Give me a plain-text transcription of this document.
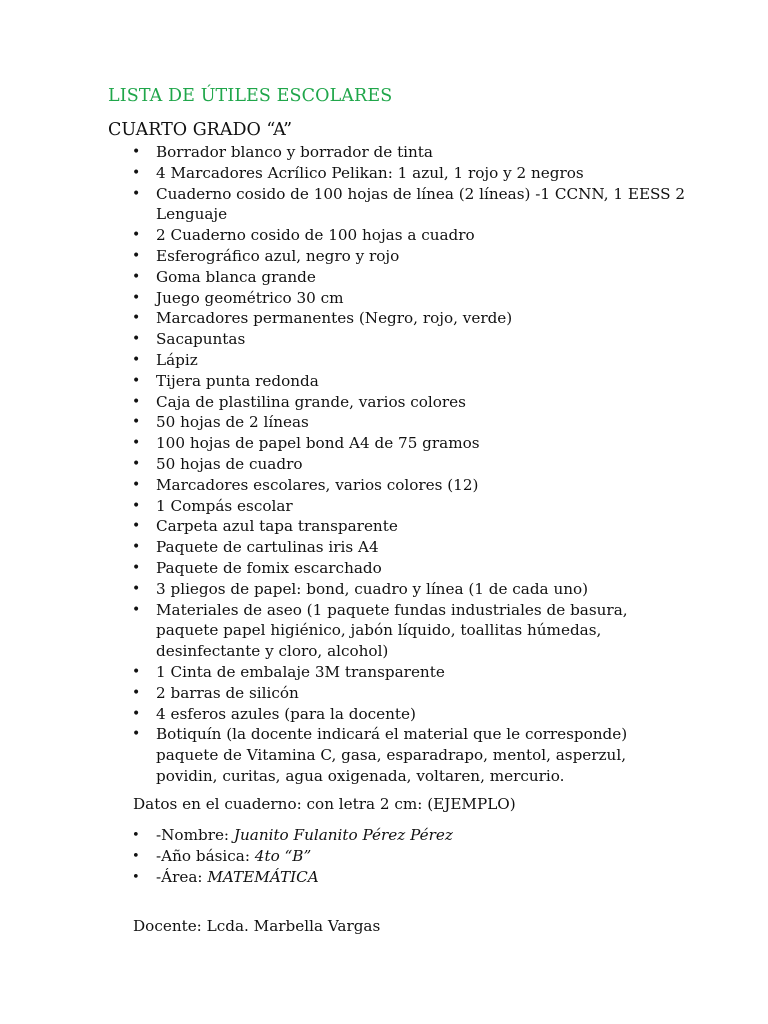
LISTA DE ÚTILES ESCOLARES
CUARTO GRADO “A”
• Borrador blanco y borrador de tinta
• 4 Marcadores Acrílico Pelikan: 1 azul, 1 rojo y 2 negros
• Cuaderno cosido de 100 hojas de línea (2 líneas) -1 CCNN, 1 EESS 2 Lenguaje
• 2 Cuaderno cosido de 100 hojas a cuadro
• Esferográfico azul, negro y rojo
• Goma blanca grande
• Juego geométrico 30 cm
• Marcadores permanentes (Negro, rojo, verde)
• Sacapuntas
• Lápiz
• Tijera punta redonda
• Caja de plastilina grande, varios colores
• 50 hojas de 2 líneas
• 100 hojas de papel bond A4 de 75 gramos
• 50 hojas de cuadro
• Marcadores escolares, varios colores (12)
• 1 Compás escolar
• Carpeta azul tapa transparente
• Paquete de cartulinas iris A4
• Paquete de fomix escarchado
• 3 pliegos de papel: bond, cuadro y línea (1 de cada uno)
• Materiales de aseo (1 paquete fundas industriales de basura, paquete papel higiénico, jabón líquido, toallitas húmedas, desinfectante y cloro, alcohol)
• 1 Cinta de embalaje 3M transparente
• 2 barras de silicón
• 4 esferos azules (para la docente)
• Botiquín (la docente indicará el material que le corresponde) paquete de Vitamina C, gasa, esparadrapo, mentol, asperzul, povidin, curitas, agua oxigenada, voltaren, mercurio.

Datos en el cuaderno: con letra 2 cm: (EJEMPLO)

• -Nombre: Juanito Fulanito Pérez Pérez
• -Año básica: 4to “B”
• -Área: MATEMÁTICA

Docente: Lcda. Marbella Vargas
